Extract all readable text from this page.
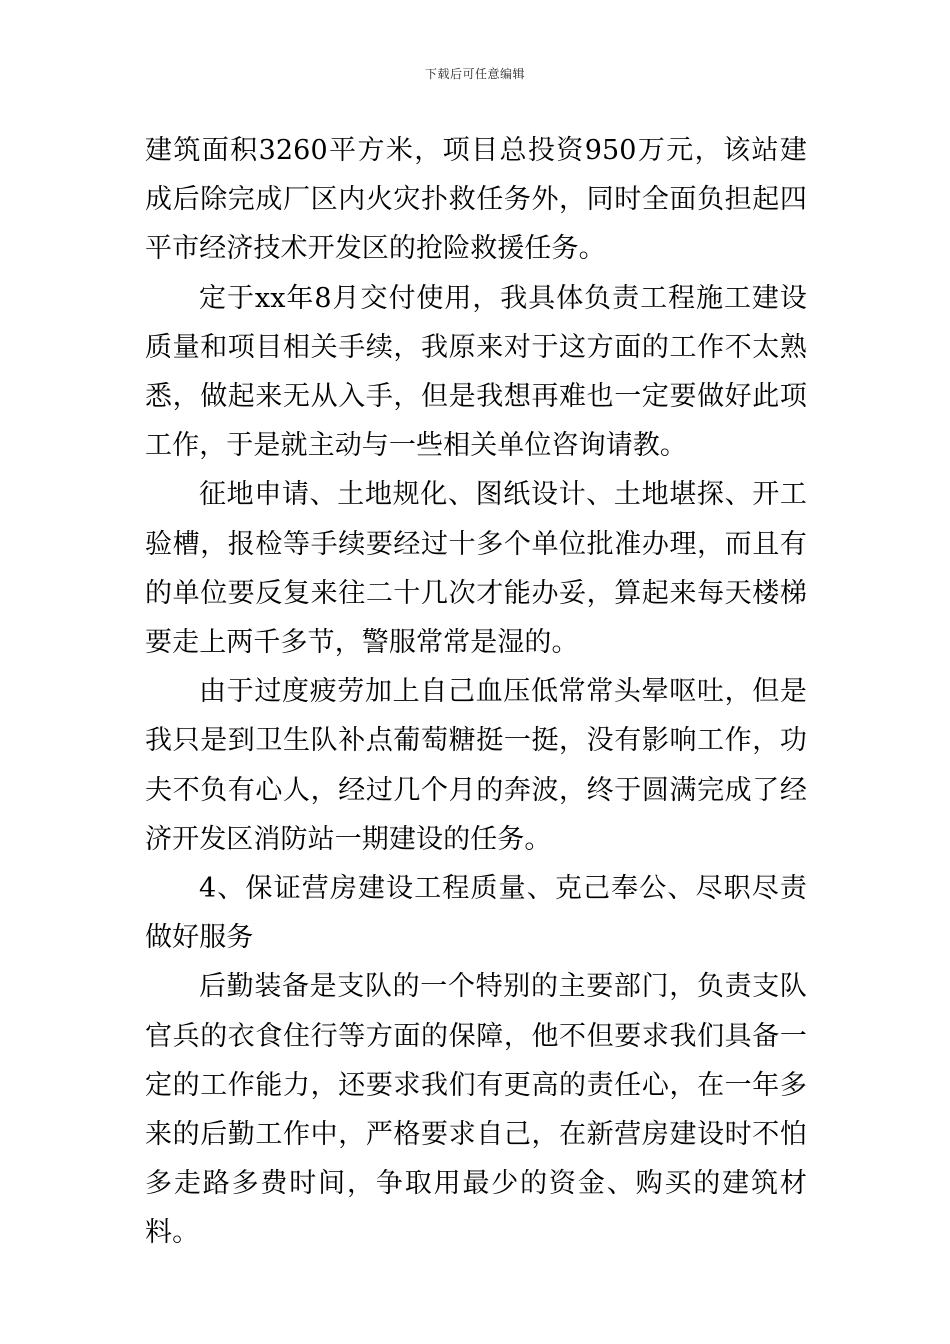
下载后可任意编辑

建筑面积3260平方米，项目总投资950万元，该站建成后除完成厂区内火灾扑救任务外，同时全面负担起四平市经济技术开发区的抢险救援任务。

定于xx年8月交付使用，我具体负责工程施工建设质量和项目相关手续，我原来对于这方面的工作不太熟悉，做起来无从入手，但是我想再难也一定要做好此项工作，于是就主动与一些相关单位咨询请教。

征地申请、土地规化、图纸设计、土地堪探、开工验槽，报检等手续要经过十多个单位批准办理，而且有的单位要反复来往二十几次才能办妥，算起来每天楼梯要走上两千多节，警服常常是湿的。

由于过度疲劳加上自己血压低常常头晕呕吐，但是我只是到卫生队补点葡萄糖挺一挺，没有影响工作，功夫不负有心人，经过几个月的奔波，终于圆满完成了经济开发区消防站一期建设的任务。

4、保证营房建设工程质量、克己奉公、尽职尽责做好服务

后勤装备是支队的一个特别的主要部门，负责支队官兵的衣食住行等方面的保障，他不但要求我们具备一定的工作能力，还要求我们有更高的责任心，在一年多来的后勤工作中，严格要求自己，在新营房建设时不怕多走路多费时间，争取用最少的资金、购买的建筑材料。
